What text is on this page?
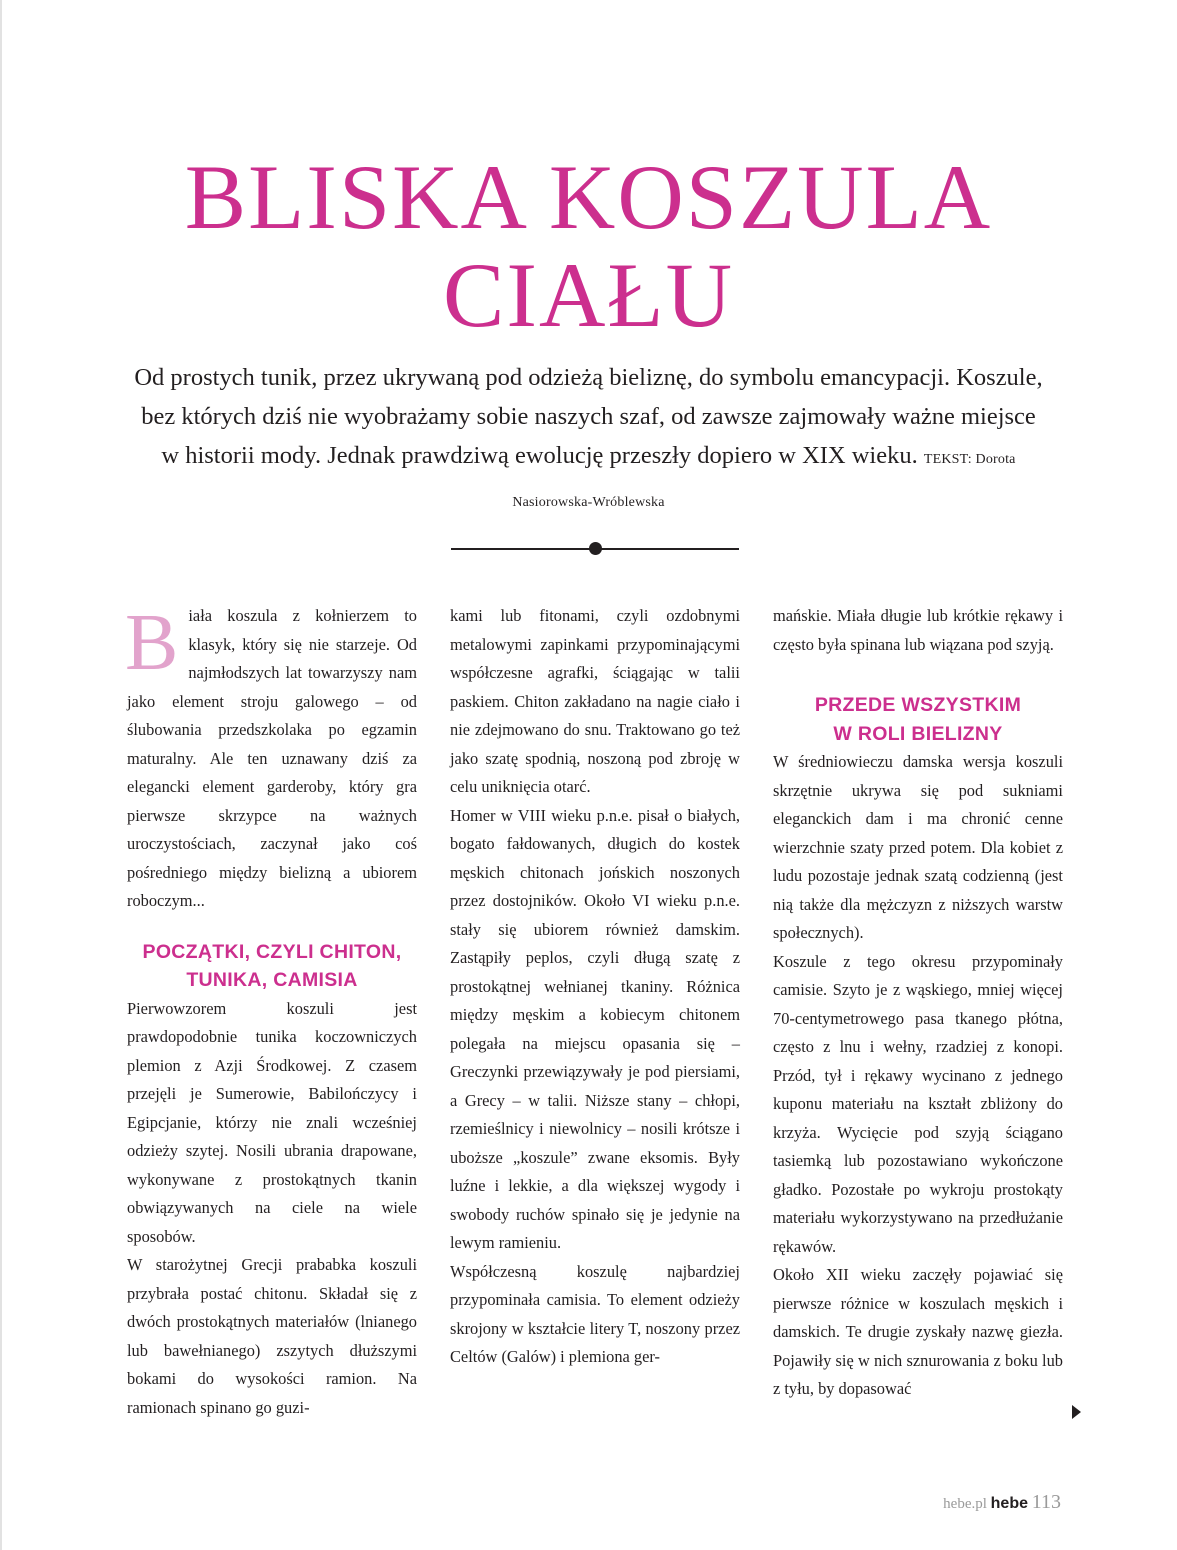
BLISKA KOSZULA
CIAŁU

Od prostych tunik, przez ukrywaną pod odzieżą bieliznę, do symbolu emancypacji. Koszule, bez których dziś nie wyobrażamy sobie naszych szaf, od zawsze zajmowały ważne miejsce w historii mody. Jednak prawdziwą ewolucję przeszły dopiero w XIX wieku. TEKST: Dorota Nasiorowska-Wróblewska

Biała koszula z kołnierzem to klasyk, który się nie starzeje. Od najmłodszych lat towarzyszy nam jako element stroju galowego – od ślubowania przedszkolaka po egzamin maturalny. Ale ten uznawany dziś za elegancki element garderoby, który gra pierwsze skrzypce na ważnych uroczystościach, zaczynał jako coś pośredniego między bielizną a ubiorem roboczym...

POCZĄTKI, CZYLI CHITON,
TUNIKA, CAMISIA

Pierwowzorem koszuli jest prawdopodobnie tunika koczowniczych plemion z Azji Środkowej. Z czasem przejęli je Sumerowie, Babilończycy i Egipcjanie, którzy nie znali wcześniej odzieży szytej. Nosili ubrania drapowane, wykonywane z prostokątnych tkanin obwiązywanych na ciele na wiele sposobów.

W starożytnej Grecji prababka koszuli przybrała postać chitonu. Składał się z dwóch prostokątnych materiałów (lnianego lub bawełnianego) zszytych dłuższymi bokami do wysokości ramion. Na ramionach spinano go guzi-

kami lub fitonami, czyli ozdobnymi metalowymi zapinkami przypominającymi współczesne agrafki, ściągając w talii paskiem. Chiton zakładano na nagie ciało i nie zdejmowano do snu. Traktowano go też jako szatę spodnią, noszoną pod zbroję w celu uniknięcia otarć.

Homer w VIII wieku p.n.e. pisał o białych, bogato fałdowanych, długich do kostek męskich chitonach jońskich noszonych przez dostojników. Około VI wieku p.n.e. stały się ubiorem również damskim. Zastąpiły peplos, czyli długą szatę z prostokątnej wełnianej tkaniny. Różnica między męskim a kobiecym chitonem polegała na miejscu opasania się – Greczynki przewiązywały je pod piersiami, a Grecy – w talii. Niższe stany – chłopi, rzemieślnicy i niewolnicy – nosili krótsze i uboższe „koszule” zwane eksomis. Były luźne i lekkie, a dla większej wygody i swobody ruchów spinało się je jedynie na lewym ramieniu.

Współczesną koszulę najbardziej przypominała camisia. To element odzieży skrojony w kształcie litery T, noszony przez Celtów (Galów) i plemiona ger-

mańskie. Miała długie lub krótkie rękawy i często była spinana lub wiązana pod szyją.

PRZEDE WSZYSTKIM
W ROLI BIELIZNY

W średniowieczu damska wersja koszuli skrzętnie ukrywa się pod sukniami eleganckich dam i ma chronić cenne wierzchnie szaty przed potem. Dla kobiet z ludu pozostaje jednak szatą codzienną (jest nią także dla mężczyzn z niższych warstw społecznych).

Koszule z tego okresu przypominały camisie. Szyto je z wąskiego, mniej więcej 70-centymetrowego pasa tkanego płótna, często z lnu i wełny, rzadziej z konopi. Przód, tył i rękawy wycinano z jednego kuponu materiału na kształt zbliżony do krzyża. Wycięcie pod szyją ściągano tasiemką lub pozostawiano wykończone gładko. Pozostałe po wykroju prostokąty materiału wykorzystywano na przedłużanie rękawów.

Około XII wieku zaczęły pojawiać się pierwsze różnice w koszulach męskich i damskich. Te drugie zyskały nazwę giezła. Pojawiły się w nich sznurowania z boku lub z tyłu, by dopasować

hebe.pl hebe 113
